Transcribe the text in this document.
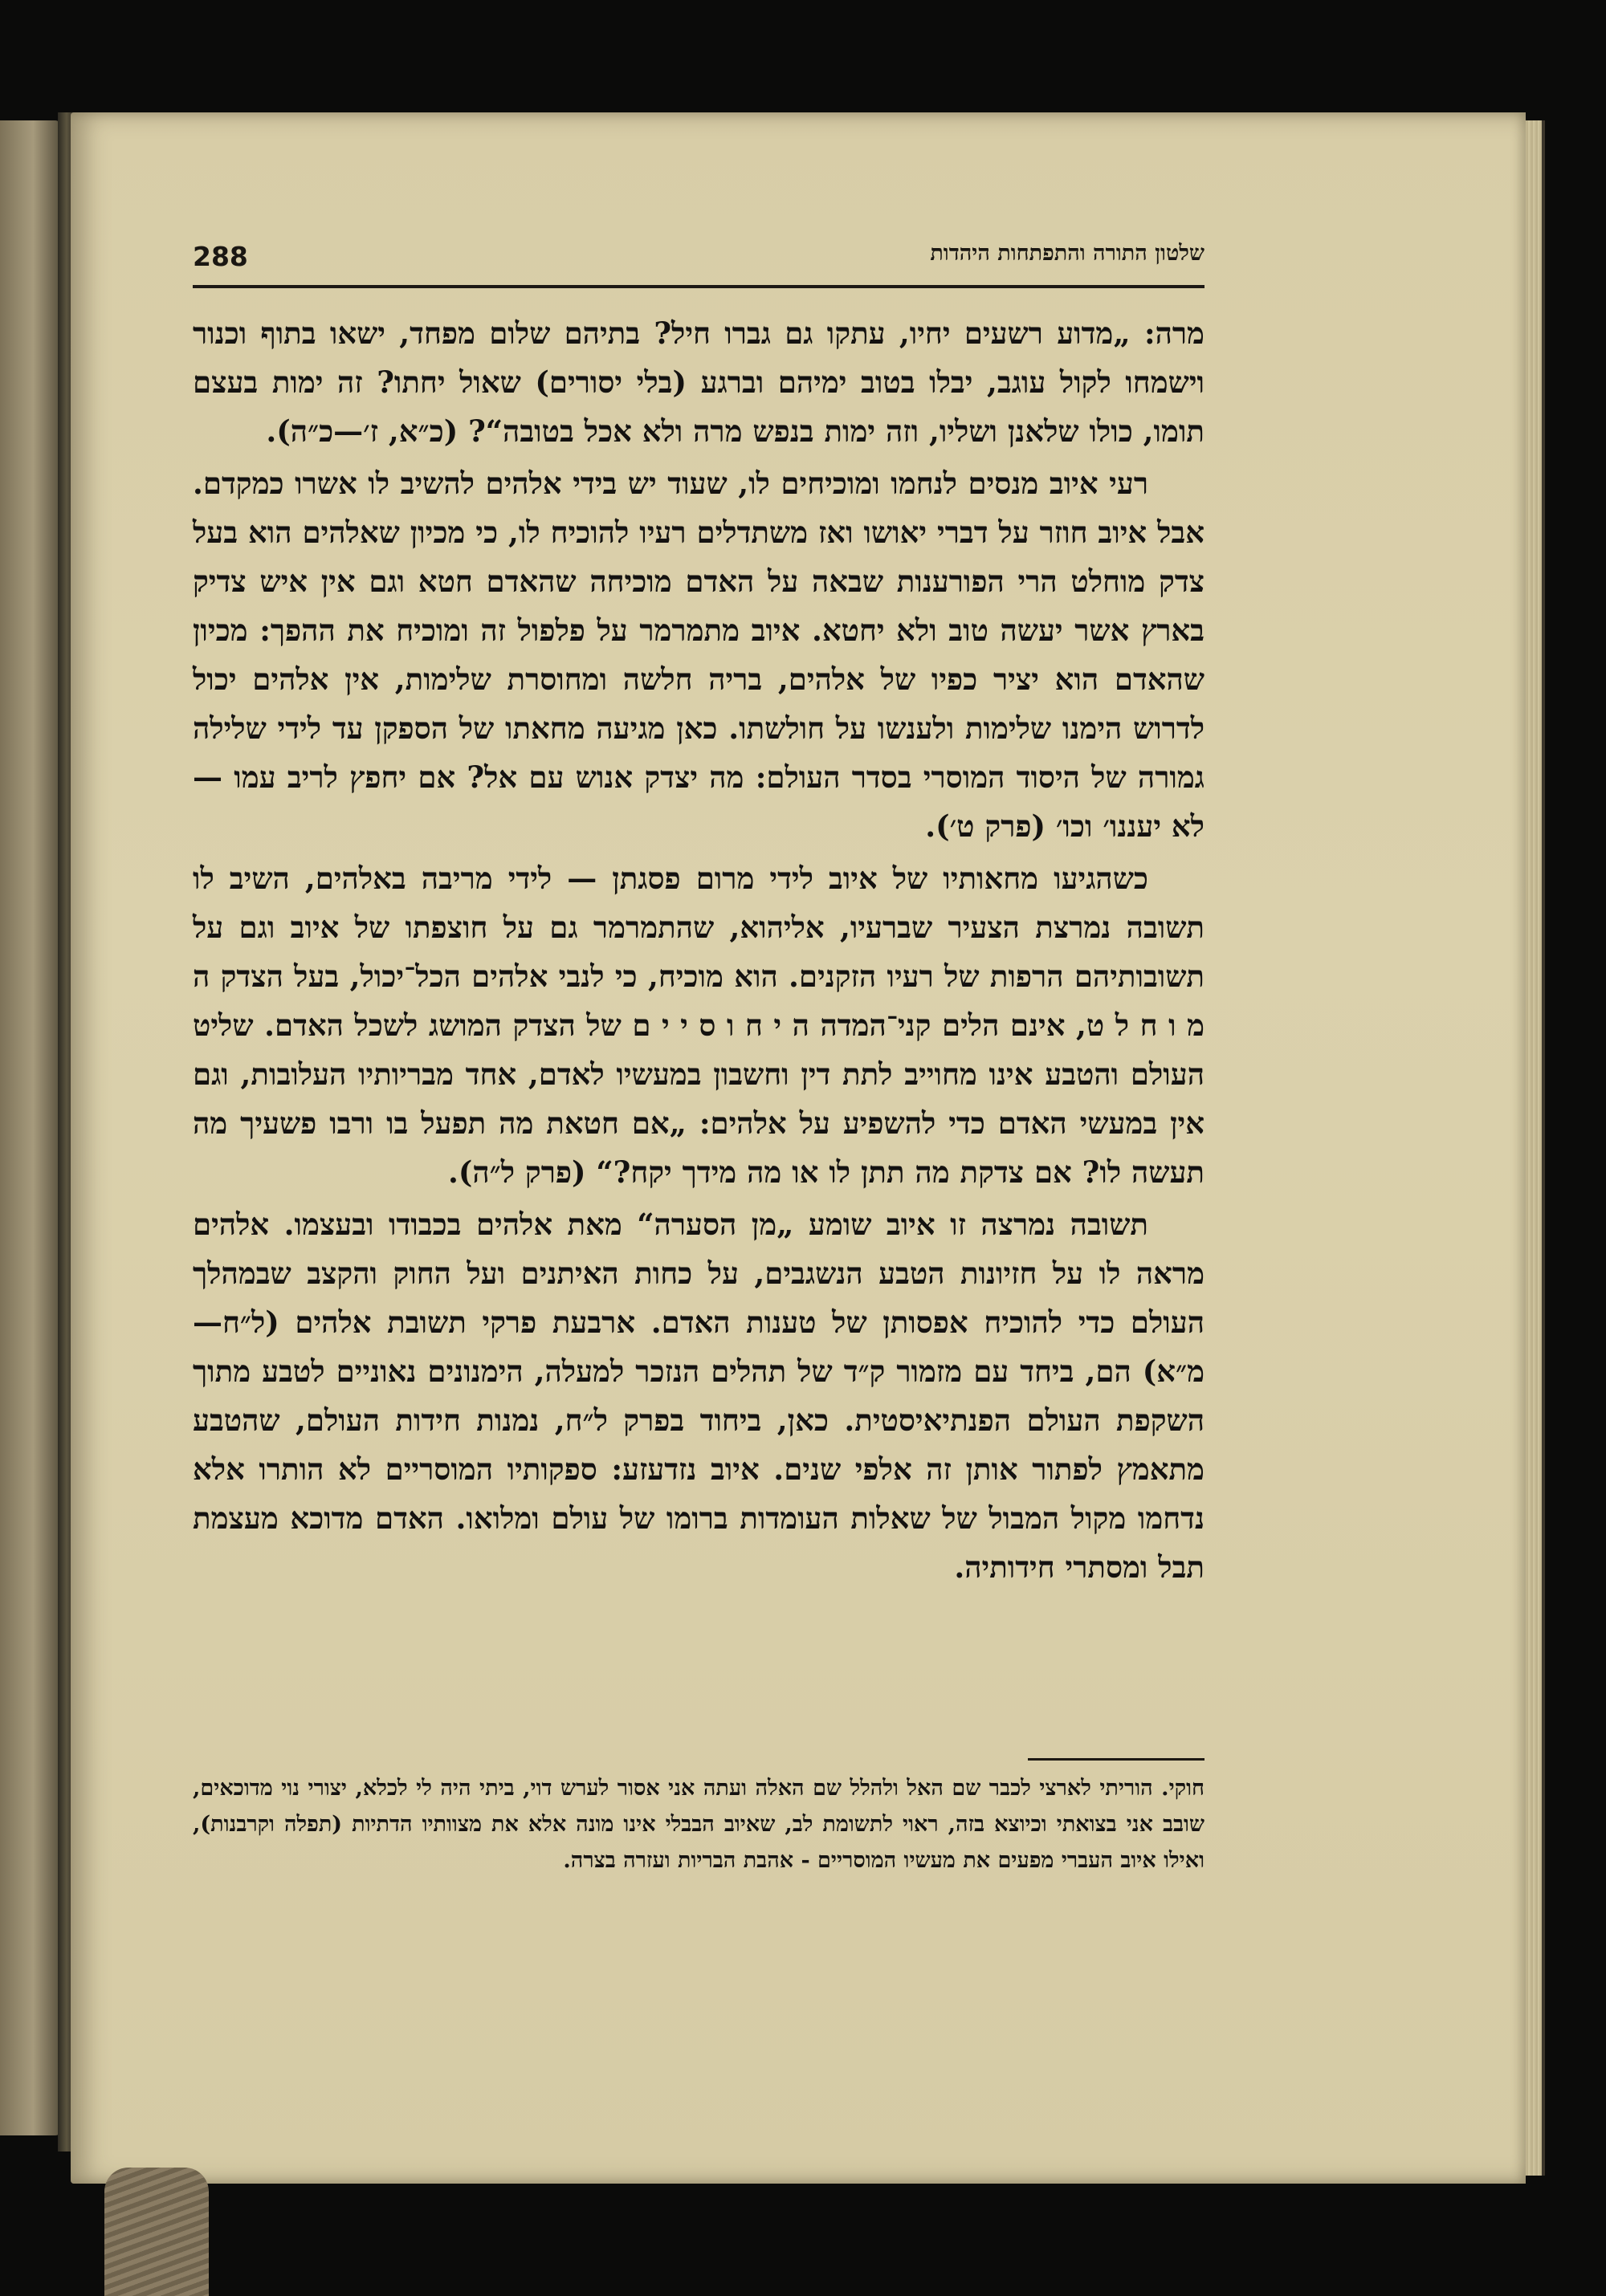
288	שלטון התורה והתפתחות היהדות

מרה: „מדוע רשעים יחיו, עתקו גם גברו חיל? בתיהם שלום מפחד, ישאו בתוף וכנור וישמחו לקול עוגב, יבלו בטוב ימיהם וברגע (בלי יסורים) שאול יחתו? זה ימות בעצם תומו, כולו שלאנן ושליו, וזה ימות בנפש מרה ולא אכל בטובה“? (כ״א, ז׳—כ״ה).

רעי איוב מנסים לנחמו ומוכיחים לו, שעוד יש בידי אלהים להשיב לו אשרו כמקדם. אבל איוב חוזר על דברי יאושו ואז משתדלים רעיו להוכיח לו, כי מכיון שאלהים הוא בעל צדק מוחלט הרי הפורענות שבאה על האדם מוכיחה שהאדם חטא וגם אין איש צדיק בארץ אשר יעשה טוב ולא יחטא. איוב מתמרמר על פלפול זה ומוכיח את ההפך: מכיון שהאדם הוא יציר כפיו של אלהים, בריה חלשה ומחוסרת שלימות, אין אלהים יכול לדרוש הימנו שלימות ולענשו על חולשתו. כאן מגיעה מחאתו של הספקן עד לידי שלילה גמורה של היסוד המוסרי בסדר העולם: מה יצדק אנוש עם אל? אם יחפץ לריב עמו — לא יעננו׳ וכו׳ (פרק ט׳).

כשהגיעו מחאותיו של איוב לידי מרום פסגתן — לידי מריבה באלהים, השיב לו תשובה נמרצת הצעיר שברעיו, אליהוא, שהתמרמר גם על חוצפתו של איוב וגם על תשובותיהם הרפות של רעיו הזקנים. הוא מוכיח, כי לנבי אלהים הכל־יכול, בעל הצדק ה מ ו ח ל ט, אינם הלים קני־המדה ה י ח ו ס י י ם של הצדק המושג לשכל האדם. שליט העולם והטבע אינו מחוייב לתת דין וחשבון במעשיו לאדם, אחד מבריותיו העלובות, וגם אין במעשי האדם כדי להשפיע על אלהים: „אם חטאת מה תפעל בו ורבו פשעיך מה תעשה לו? אם צדקת מה תתן לו או מה מידך יקח?“ (פרק ל״ה).

תשובה נמרצה זו איוב שומע „מן הסערה“ מאת אלהים בכבודו ובעצמו. אלהים מראה לו על חזיונות הטבע הנשגבים, על כחות האיתנים ועל החוק והקצב שבמהלך העולם כדי להוכיח אפסותן של טענות האדם. ארבעת פרקי תשובת אלהים (ל״ח—מ״א) הם, ביחד עם מזמור ק״ד של תהלים הנזכר למעלה, הימנונים נאוניים לטבע מתוך השקפת העולם הפנתיאיסטית. כאן, ביחוד בפרק ל״ח, נמנות חידות העולם, שהטבע מתאמץ לפתור אותן זה אלפי שנים. איוב נזדעזע: ספקותיו המוסריים לא הותרו אלא נדחמו מקול המבול של שאלות העומדות ברומו של עולם ומלואו. האדם מדוכא מעצמת תבל ומסתרי חידותיה.

חוקי. הוריתי לארצי לכבר שם האל ולהלל שם האלה ועתה אני אסור לערש דוי, ביתי היה לי לכלא, יצורי נוי מדוכאים, שובב אני בצואתי וכיוצא בזה, ראוי לתשומת לב, שאיוב הבבלי אינו מונה אלא את מצוותיו הדתיות (תפלה וקרבנות), ואילו איוב העברי מפעים את מעשיו המוסריים - אהבת הבריות ועזרה בצרה.
